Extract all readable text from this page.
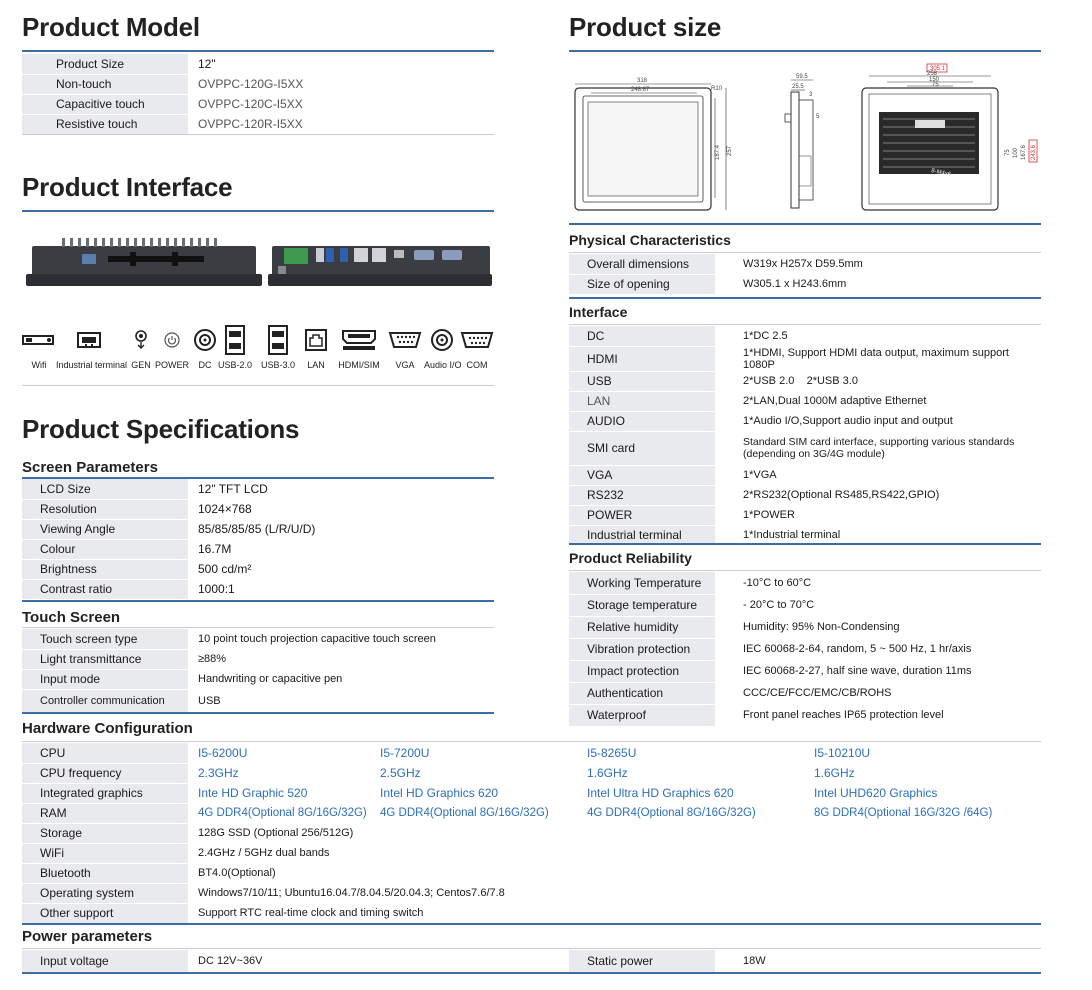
Product Model
Product Size	12"
Non-touch	OVPPC-120G-I5XX
Capacitive touch	OVPPC-120C-I5XX
Resistive touch	OVPPC-120R-I5XX
Product Interface
Wifi	Industrial terminal GEN POWER	DC USB-2.0 USB-3.0	LAN	HDMI/SIM	VGA	Audio I/O COM
Product Specifications
Screen Parameters
LCD Size	12" TFT LCD
Resolution	1024×768
Viewing Angle	85/85/85/85 (L/R/U/D)
Colour	16.7M
Brightness	500 cd/m²
Contrast ratio	1000:1
Touch Screen
Touch screen type	10 point touch projection capacitive touch screen
Light transmittance	≥88%
Input mode	Handwriting or capacitive pen
Controller communication	USB
Product size
318
248.87	R10
187.4 257
59.5
25.5
3
5
305.1
258
150
75
75 100 167.6 243.6
8-M4x6
Physical Characteristics
Overall dimensions	W319x H257x D59.5mm
Size of opening	W305.1 x H243.6mm
Interface
DC	1*DC 2.5
HDMI	1*HDMI, Support HDMI data output, maximum support 1080P
USB	2*USB 2.0    2*USB 3.0
LAN	2*LAN,Dual 1000M adaptive Ethernet
AUDIO	1*Audio I/O,Support audio input and output
SMI card	Standard SIM card interface, supporting various standards (depending on 3G/4G module)
VGA	1*VGA
RS232	2*RS232(Optional RS485,RS422,GPIO)
POWER	1*POWER
Industrial terminal	1*Industrial terminal
Product Reliability
Working Temperature	-10°C to 60°C
Storage temperature	- 20°C to 70°C
Relative humidity	Humidity: 95% Non-Condensing
Vibration protection	IEC 60068-2-64, random, 5 ~ 500 Hz, 1 hr/axis
Impact protection	IEC 60068-2-27, half sine wave, duration 11ms
Authentication	CCC/CE/FCC/EMC/CB/ROHS
Waterproof	Front panel reaches IP65 protection level
Hardware Configuration
CPU	I5-6200U	I5-7200U	I5-8265U	I5-10210U
CPU frequency	2.3GHz	2.5GHz	1.6GHz	1.6GHz
Integrated graphics	Inte HD Graphic 520	Intel HD Graphics 620	Intel Ultra HD Graphics 620	Intel UHD620 Graphics
RAM	4G DDR4(Optional 8G/16G/32G)	4G DDR4(Optional 8G/16G/32G)	4G DDR4(Optional 8G/16G/32G)	8G DDR4(Optional 16G/32G /64G)
Storage	128G SSD (Optional 256/512G)			
WiFi	2.4GHz / 5GHz dual bands			
Bluetooth	BT4.0(Optional)			
Operating system	Windows7/10/11; Ubuntu16.04.7/8.04.5/20.04.3; Centos7.6/7.8			
Other support	Support RTC real-time clock and timing switch			
Power parameters
Input voltage	DC 12V~36V	Static power	18W
